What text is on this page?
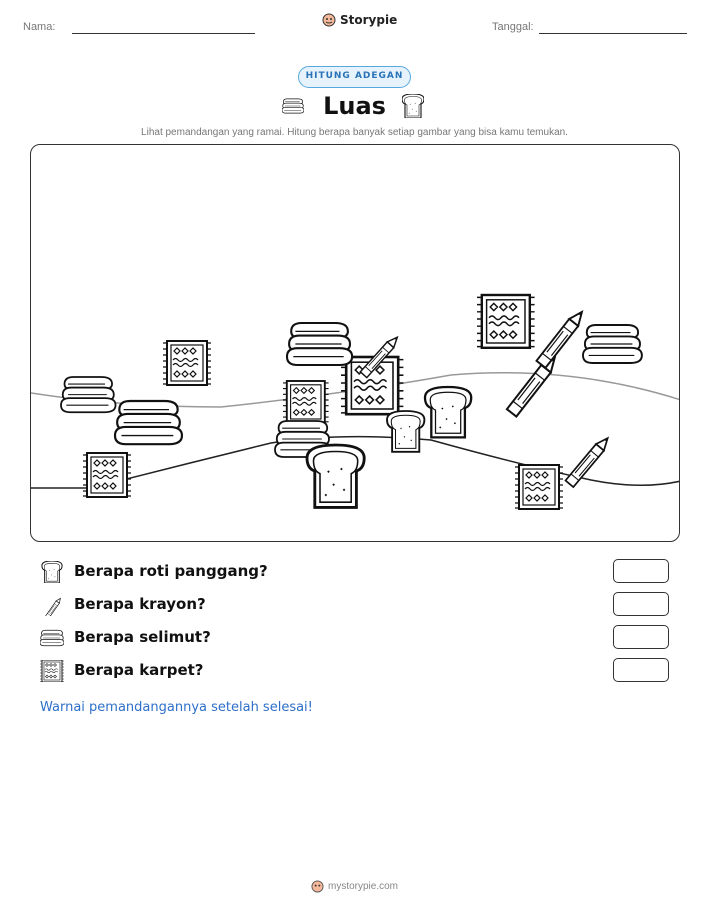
Nama:	Storypie	Tanggal:
HITUNG ADEGAN
Luas
Lihat pemandangan yang ramai. Hitung berapa banyak setiap gambar yang bisa kamu temukan.
Berapa roti panggang?
Berapa krayon?
Berapa selimut?
Berapa karpet?
Warnai pemandangannya setelah selesai!
mystorypie.com
